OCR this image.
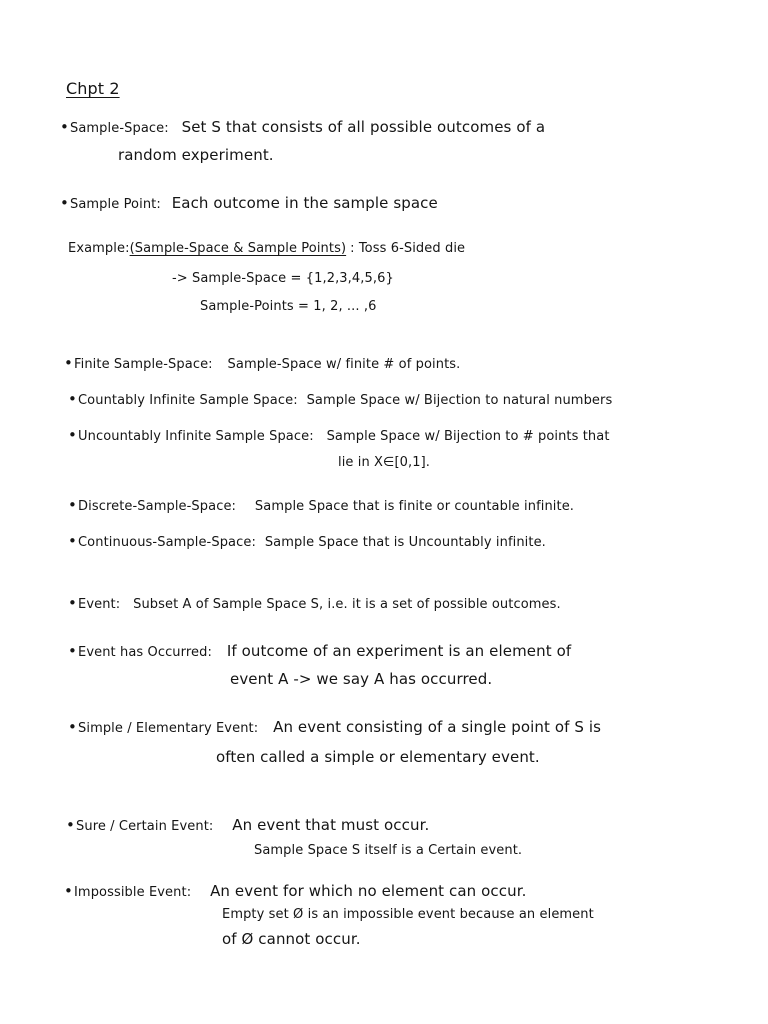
Chpt 2
•Sample-Space: Set S that consists of all possible outcomes of a
random experiment.
•Sample Point: Each outcome in the sample space
Example:(Sample-Space & Sample Points) : Toss 6-Sided die
-> Sample-Space = {1,2,3,4,5,6}
Sample-Points = 1, 2, ... ,6
•Finite Sample-Space: Sample-Space w/ finite # of points.
•Countably Infinite Sample Space: Sample Space w/ Bijection to natural numbers
•Uncountably Infinite Sample Space: Sample Space w/ Bijection to # points that
lie in X∈[0,1].
•Discrete-Sample-Space: Sample Space that is finite or countable infinite.
•Continuous-Sample-Space: Sample Space that is Uncountably infinite.
•Event: Subset A of Sample Space S, i.e. it is a set of possible outcomes.
•Event has Occurred: If outcome of an experiment is an element of
event A -> we say A has occurred.
•Simple / Elementary Event: An event consisting of a single point of S is
often called a simple or elementary event.
•Sure / Certain Event: An event that must occur.
Sample Space S itself is a Certain event.
•Impossible Event: An event for which no element can occur.
Empty set Ø is an impossible event because an element
of Ø cannot occur.
